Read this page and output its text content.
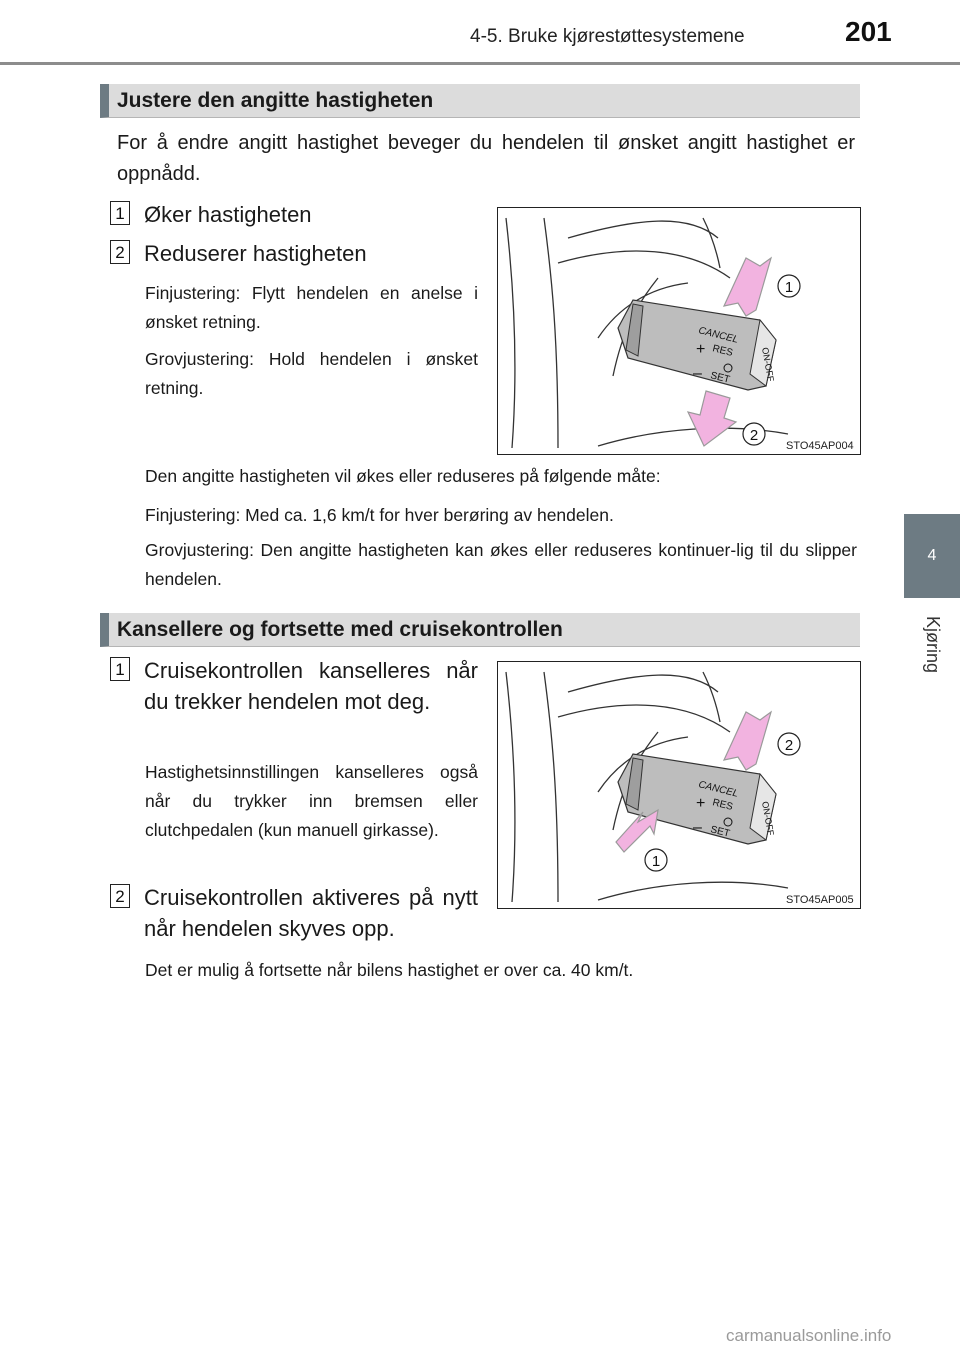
4-5. Bruke kjørestøttesystemene	201
4
Kjøring
Justere den angitte hastigheten
For å endre angitt hastighet beveger du hendelen til ønsket angitt hastighet er oppnådd.
1 Øker hastigheten
2 Reduserer hastigheten
Finjustering: Flytt hendelen en anelse i ønsket retning.
Grovjustering: Hold hendelen i ønsket retning.
CANCEL
+ RES
– SET	ON-OFF
1
2
STO45AP004
Den angitte hastigheten vil økes eller reduseres på følgende måte:
Finjustering: Med ca. 1,6 km/t for hver berøring av hendelen.
Grovjustering: Den angitte hastigheten kan økes eller reduseres kontinuer-lig til du slipper hendelen.
Kansellere og fortsette med cruisekontrollen
1 Cruisekontrollen kanselleres når du trekker hendelen mot deg.
Hastighetsinnstillingen kanselleres også når du trykker inn bremsen eller clutchpedalen (kun manuell girkasse).
2 Cruisekontrollen aktiveres på nytt når hendelen skyves opp.
CANCEL
+ RES
– SET	ON-OFF
2
1
STO45AP005
Det er mulig å fortsette når bilens hastighet er over ca. 40 km/t.
carmanualsonline.info
